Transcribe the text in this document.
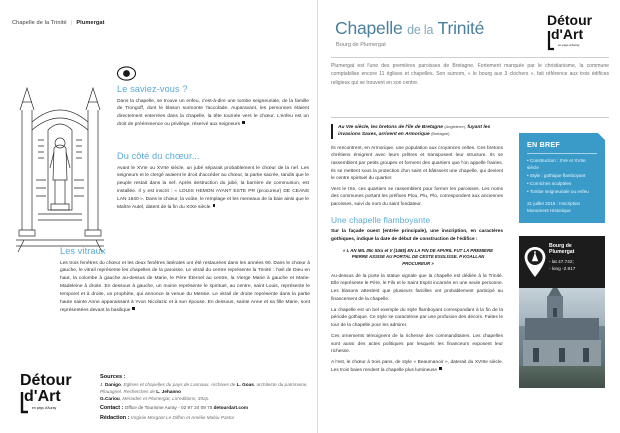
Chapelle de la Trinité | Plumergat
Le saviez-vous ?

Dans la chapelle, se trouve un enfeu, c'est-à-dire une tombe seigneuriale, de la famille de Trongoff, dont le blason surmonte l'accolade. Auparavant, les personnes étaient directement enterrées dans la chapelle, la tête tournée vers le chœur. L'enfeu est un droit de prééminence ou privilège, réservé aux seigneurs

Du côté du chœur...

Avant le XVIe ou XVIIe siècle, un jubé séparait probablement le chœur de la nef. Les seigneurs et le clergé avaient le droit d'accéder au chœur, la partie sacrée, tandis que le peuple restait dans la nef. Après destruction du jubé, la barrière de communion, est installée. Il y est inscrit : « LOUIS HEMON AYANT ESTE PR (procureur) DE CEANS LAN 1640 ». Dans le chœur, la voûte, le remplage et les meneaux de la baie ainsi que le Maître Autel, datent de la fin du XIXe siècle

Les vitraux

Les trois fenêtres du chœur et les deux fenêtres latérales ont été restaurées dans les années 90. Dans le chœur à gauche, le vitrail représente les chapelles de la paroisse. Le vitrail du centre représente la Trinité : l'œil de Dieu en haut, la colombe à gauche au-dessus de Marie, le Père Éternel au centre, la Vierge Marie à gauche et Marie-Madeleine à droite. En dessous à gauche, un moine représente le spirituel, au centre, saint Louis, représente le temporel et à droite, un prophète, qui annonce la venue du Messie. Le vitrail de droite représente dans la partie haute sainte Anne apparaissant à Yvon Nicolazic et à son épouse. En dessous, sainte Anne et sa fille Marie, sont représentées devant la basilique

Détour
d'Art
en pays d'Auray
Sources :
J. Danigo, Eglises et chapelles du pays de Lannaux. Archives de L. Goas, architecte du patrimoine, Plouagriel. Recherches de L. Jehanno
G.Cariou, Mériadec et Plumergat, Liv'editions, 392p.
Contact : Office de Tourisme Auray - 02 97 24 09 75 detourdart.com
Rédaction : Virginie Morgant Le Diffon et Amélie Mabiu Pastor
Chapelle de la Trinité
Bourg de Plumergat
Détour
d'Art
en pays d'Auray
Plumergat est l'une des premières paroisses de Bretagne. Fortement marquée par le christianisme, la commune comptabilise encore 11 églises et chapelles. Son surnom, « le bourg aux 3 clochers », fait référence aux trois édifices religieux qui se trouvent en son centre.
Au VIe siècle, les bretons de l'île de Bretagne (Angleterre), fuyant les invasions Saxes, arrivent en Armorique (Bretagne).

Ils rencontrent, en Armorique, une population aux croyances celtes. Ces bretons chrétiens émigrent avec leurs prêtres et transposent leur structure. Ils se rassemblent par petits groupes et forment des quartiers que l'on appelle frairies. Ils se mettent sous la protection d'un saint et bâtissent une chapelle, qui devient le centre spirituel du quartier.

Vers le IXe, ces quartiers se rassemblent pour former les paroisses. Les noms des communes portant les préfixes Plou, Plu, Plo, correspondent aux anciennes paroisses, suivi du nom du saint fondateur.

Une chapelle flamboyante

Sur la façade ouest (entrée principale), une inscription, en caractères gothiques, indique la date de début de construction de l'édifice :

« L AN MIL IIIIc IIIxx et V (1485) EN LA FIN DE APVRIL FUT LA PREMIERE PIERRE ASSISE AU PORTAL DE CESTE ESGLISSE. P KOALLAN PROCUREUR »

Au-dessus de la porte la statue signale que la chapelle est dédiée à la Trinité. Elle représente le Père, le Fils et le Saint Esprit incarnés en une seule personne. Les blasons attestent que plusieurs familles ont probablement participé au financement de la chapelle.

La chapelle est un bel exemple du style flamboyant correspondant à la fin de la période gothique. Ce style se caractérise par une profusion des décors. Faites le tour de la chapelle pour les admirer.

Ces ornements témoignent de la richesse des commanditaires. Les chapelles sont aussi des actes politiques par lesquels les financeurs exposent leur richesse.

A l'est, le chœur à trois pans, de style « Beaumanoir », daterait du XVIIIe siècle. Les trois baies rendent la chapelle plus lumineuse

EN BREF
• Construction : XVe et XVIIe siècle
• Style : gothique flamboyant
• Corniches sculptées
• Tombe seigneuriale ou enfeu
31 juillet 2015 : Inscription Monument Historique
Bourg de Plumergat
- lat 47.742;
- long -2.917
